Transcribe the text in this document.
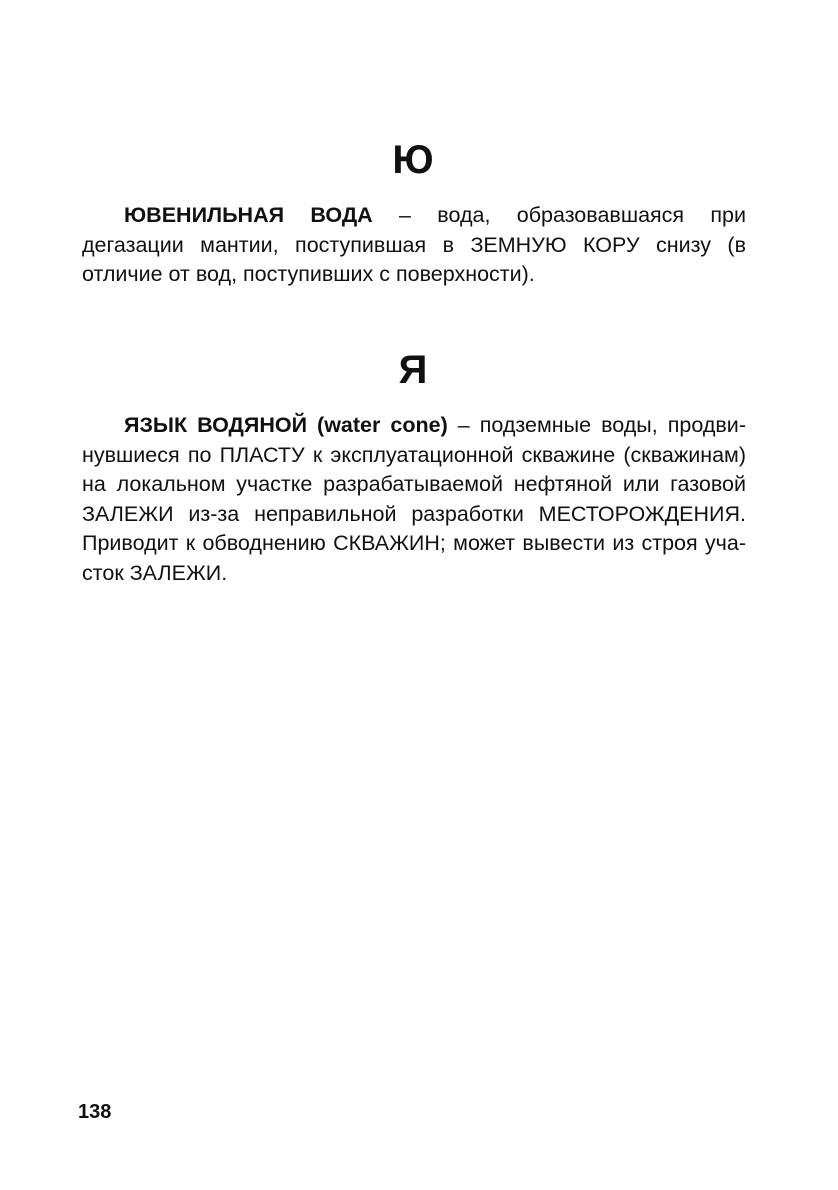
Ю

ЮВЕНИЛЬНАЯ ВОДА – вода, образовавшаяся при дегазации мантии, поступившая в ЗЕМНУЮ КОРУ снизу (в отличие от вод, поступивших с поверхности).

Я

ЯЗЫК ВОДЯНОЙ (water cone) – подземные воды, продвинувшиеся по ПЛАСТУ к эксплуатационной скважине (скважинам) на локальном участке разрабатываемой нефтяной или газовой ЗАЛЕЖИ из-за неправильной разработки МЕСТОРОЖДЕНИЯ. Приводит к обводнению СКВАЖИН; может вывести из строя участок ЗАЛЕЖИ.

138
